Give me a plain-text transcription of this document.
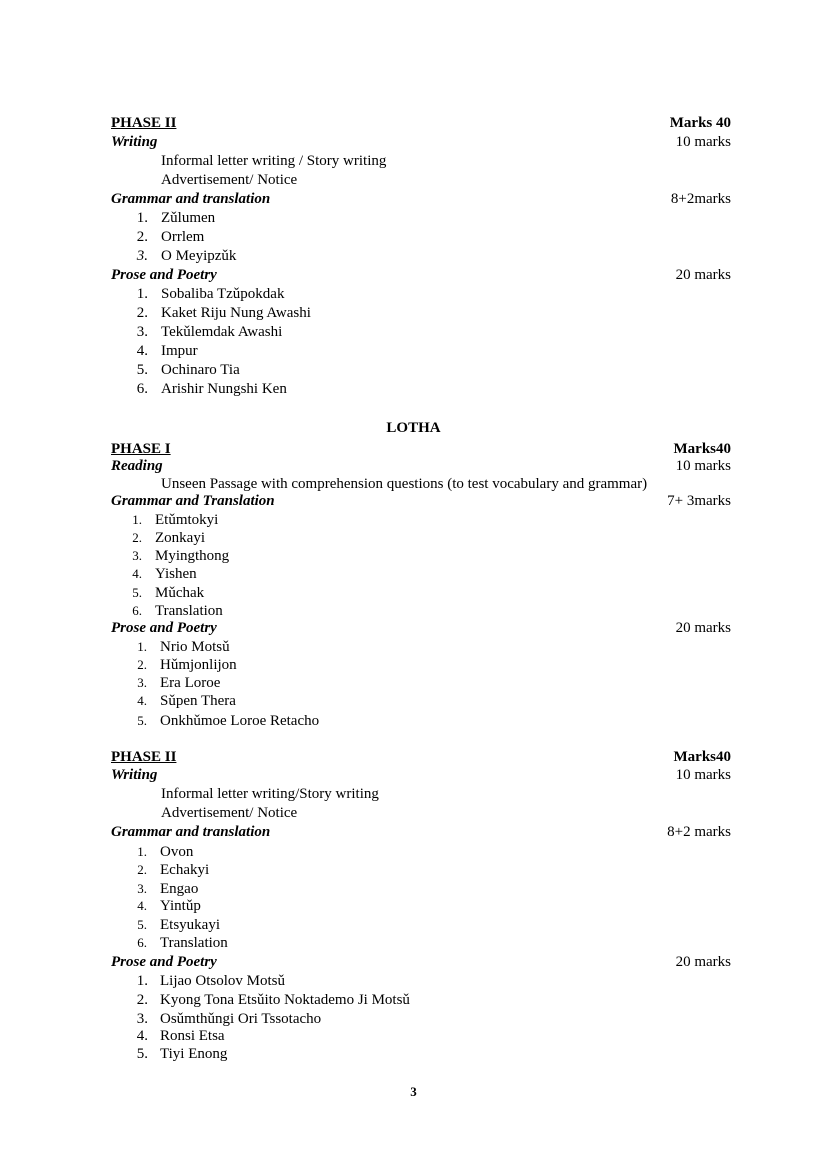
PHASE II	Marks 40
Writing	10 marks
Informal letter writing / Story writing
Advertisement/ Notice
Grammar and translation	8+2marks
1. Zǔlumen
2. Orrlem
3. O Meyipzǔk
Prose and Poetry	20 marks
1. Sobaliba Tzǔpokdak
2. Kaket Riju Nung Awashi
3. Tekǔlemdak Awashi
4. Impur
5. Ochinaro Tia
6. Arishir Nungshi Ken
LOTHA
PHASE I	Marks40
Reading	10 marks
Unseen Passage with comprehension questions (to test vocabulary and grammar)
Grammar and Translation	7+ 3marks
1. Etǔmtokyi
2. Zonkayi
3. Myingthong
4. Yishen
5. Mǔchak
6. Translation
Prose and Poetry	20 marks
1. Nrio Motsǔ
2. Hǔmjonlijon
3. Era Loroe
4. Sǔpen Thera
5. Onkhǔmoe Loroe Retacho
PHASE II	Marks40
Writing	10 marks
Informal letter writing/Story writing
Advertisement/ Notice
Grammar and translation	8+2 marks
1. Ovon
2. Echakyi
3. Engao
4. Yintǔp
5. Etsyukayi
6. Translation
Prose and Poetry	20 marks
1. Lijao Otsolov Motsǔ
2. Kyong Tona Etsǔito Noktademo Ji Motsǔ
3. Osǔmthǔngi Ori Tssotacho
4. Ronsi Etsa
5. Tiyi Enong
3
